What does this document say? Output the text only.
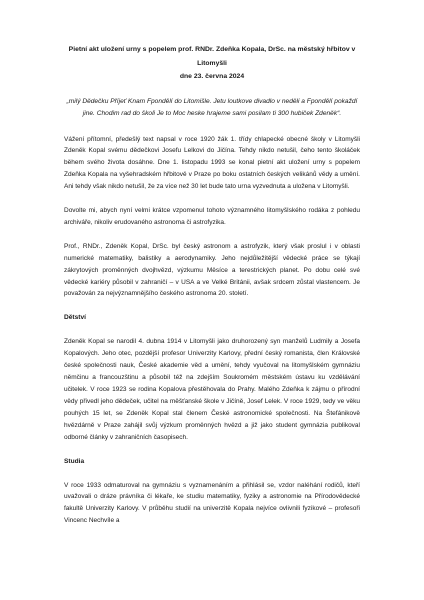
Pietní akt uložení urny s popelem prof. RNDr. Zdeňka Kopala, DrSc. na městský hřbitov v Litomyšli
dne 23. června 2024
„milý Dědečku Příjeť Knam Fpondělí do Litomišle. Jetu loutkove divadlo v neděli a Fpondělí pokaždí jine. Chodim rad do školi Je to Moc heske hrajeme sami posilam ti 300 hubiček Zdeněk“.

Vážení přítomní, předešlý text napsal v roce 1920 žák 1. třídy chlapecké obecné školy v Litomyšli Zdeněk Kopal svému dědečkovi Josefu Lelkovi do Jičína. Tehdy nikdo netušil, čeho tento školáček během svého života dosáhne. Dne 1. listopadu 1993 se konal pietní akt uložení urny s popelem Zdeňka Kopala na vyšehradském hřbitově v Praze po boku ostatních českých velikánů vědy a umění. Ani tehdy však nikdo netušil, že za více než 30 let bude tato urna vyzvednuta a uložena v Litomyšli.

Dovolte mi, abych nyní velmi krátce vzpomenul tohoto významného litomyšlského rodáka z pohledu archiváře, nikoliv erudovaného astronoma či astrofyzika.

Prof., RNDr., Zdeněk Kopal, DrSc. byl český astronom a astrofyzik, který však proslul i v oblasti numerické matematiky, balistiky a aerodynamiky. Jeho nejdůležitější vědecké práce se týkají zákrytových proměnných dvojhvězd, výzkumu Měsíce a terestrických planet. Po dobu celé své vědecké kariéry působil v zahraničí – v USA a ve Velké Británii, avšak srdcem zůstal vlastencem. Je považován za nejvýznamnějšího českého astronoma 20. století.

Dětství

Zdeněk Kopal se narodil 4. dubna 1914 v Litomyšli jako druhorozený syn manželů Ludmily a Josefa Kopalových. Jeho otec, pozdější profesor Univerzity Karlovy, přední český romanista, člen Královské české společnosti nauk, České akademie věd a umění, tehdy vyučoval na litomyšlském gymnáziu němčinu a francouzštinu a působil též na zdejším Soukromém městském ústavu ku vzdělávání učitelek. V roce 1923 se rodina Kopalova přestěhovala do Prahy. Malého Zdeňka k zájmu o přírodní vědy přivedl jeho dědeček, učitel na měšťanské škole v Jičíně, Josef Lelek. V roce 1929, tedy ve věku pouhých 15 let, se Zdeněk Kopal stal členem České astronomické společnosti. Na Štefánikově hvězdárně v Praze zahájil svůj výzkum proměnných hvězd a již jako student gymnázia publikoval odborné články v zahraničních časopisech.

Studia

V roce 1933 odmaturoval na gymnáziu s vyznamenáním a přihlásil se, vzdor naléhání rodičů, kteří uvažovali o dráze právníka či lékaře, ke studiu matematiky, fyziky a astronomie na Přírodovědecké fakultě Univerzity Karlovy. V průběhu studií na univerzitě Kopala nejvíce ovlivnili fyzikové – profesoři Vincenc Nechvíle a
